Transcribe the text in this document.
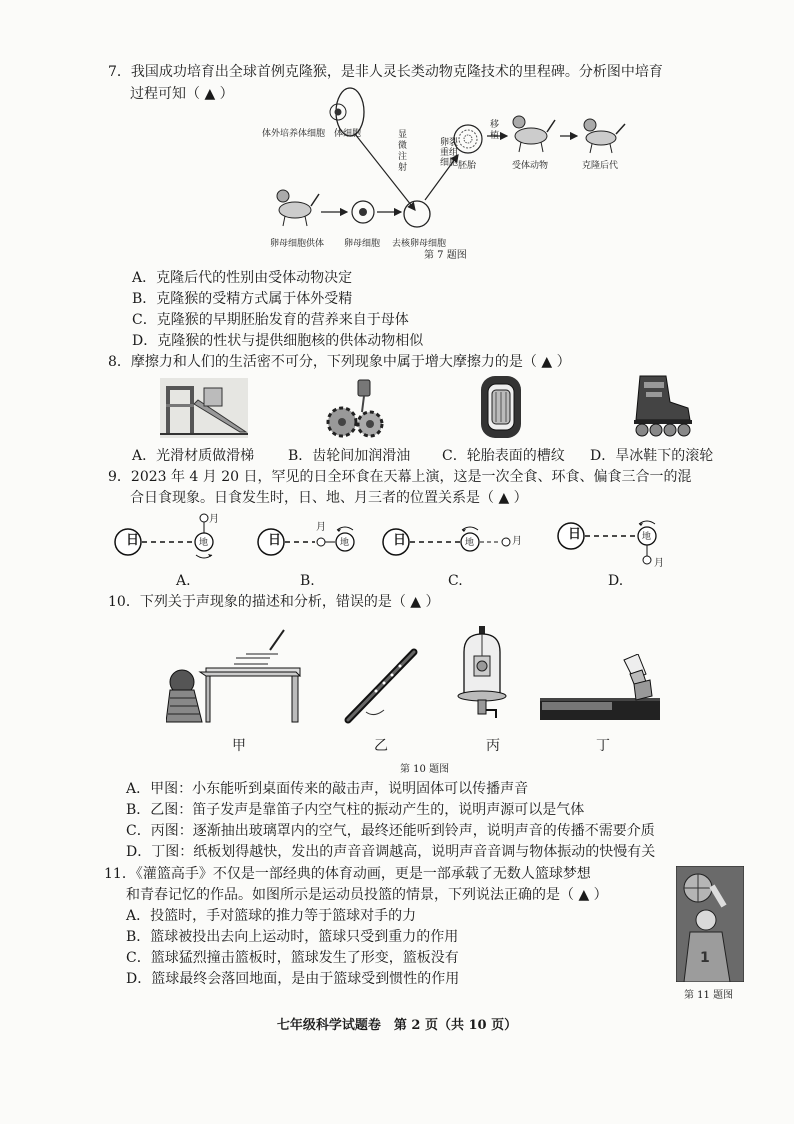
7．我国成功培育出全球首例克隆猴，是非人灵长类动物克隆技术的里程碑。分析图中培育
过程可知（ ▲ ）
体外培养体细胞 体细胞	显
微
注
射
卵裂
重组
细胞
移
植
胚胎	受体动物	克隆后代
卵母细胞供体 卵母细胞 去核卵母细胞
第 7 题图
A．克隆后代的性别由受体动物决定
B．克隆猴的受精方式属于体外受精
C．克隆猴的早期胚胎发育的营养来自于母体
D．克隆猴的性状与提供细胞核的供体动物相似
8．摩擦力和人们的生活密不可分，下列现象中属于增大摩擦力的是（ ▲ ）
A．光滑材质做滑梯 B．齿轮间加润滑油 C．轮胎表面的槽纹 D．旱冰鞋下的滚轮
9．2023 年 4 月 20 日，罕见的日全环食在天幕上演，这是一次全食、环食、偏食三合一的混
合日食现象。日食发生时，日、地、月三者的位置关系是（ ▲ ）
日	地
月
日
月
地	日	地	月	日	地
月
A.	B.	C.	D.
10．下列关于声现象的描述和分析，错误的是（ ▲ ）
甲	乙	丙	丁
第 10 题图
A．甲图：小东能听到桌面传来的敲击声，说明固体可以传播声音
B．乙图：笛子发声是靠笛子内空气柱的振动产生的，说明声源可以是气体
C．丙图：逐渐抽出玻璃罩内的空气，最终还能听到铃声，说明声音的传播不需要介质
D．丁图：纸板划得越快，发出的声音音调越高，说明声音音调与物体振动的快慢有关
11．《灌篮高手》不仅是一部经典的体育动画，更是一部承载了无数人篮球梦想
和青春记忆的作品。如图所示是运动员投篮的情景，下列说法正确的是（ ▲ ）
A．投篮时，手对篮球的推力等于篮球对手的力
B．篮球被投出去向上运动时，篮球只受到重力的作用
C．篮球猛烈撞击篮板时，篮球发生了形变，篮板没有
D．篮球最终会落回地面，是由于篮球受到惯性的作用
1
第 11 题图
七年级科学试题卷　第 2 页（共 10 页）
